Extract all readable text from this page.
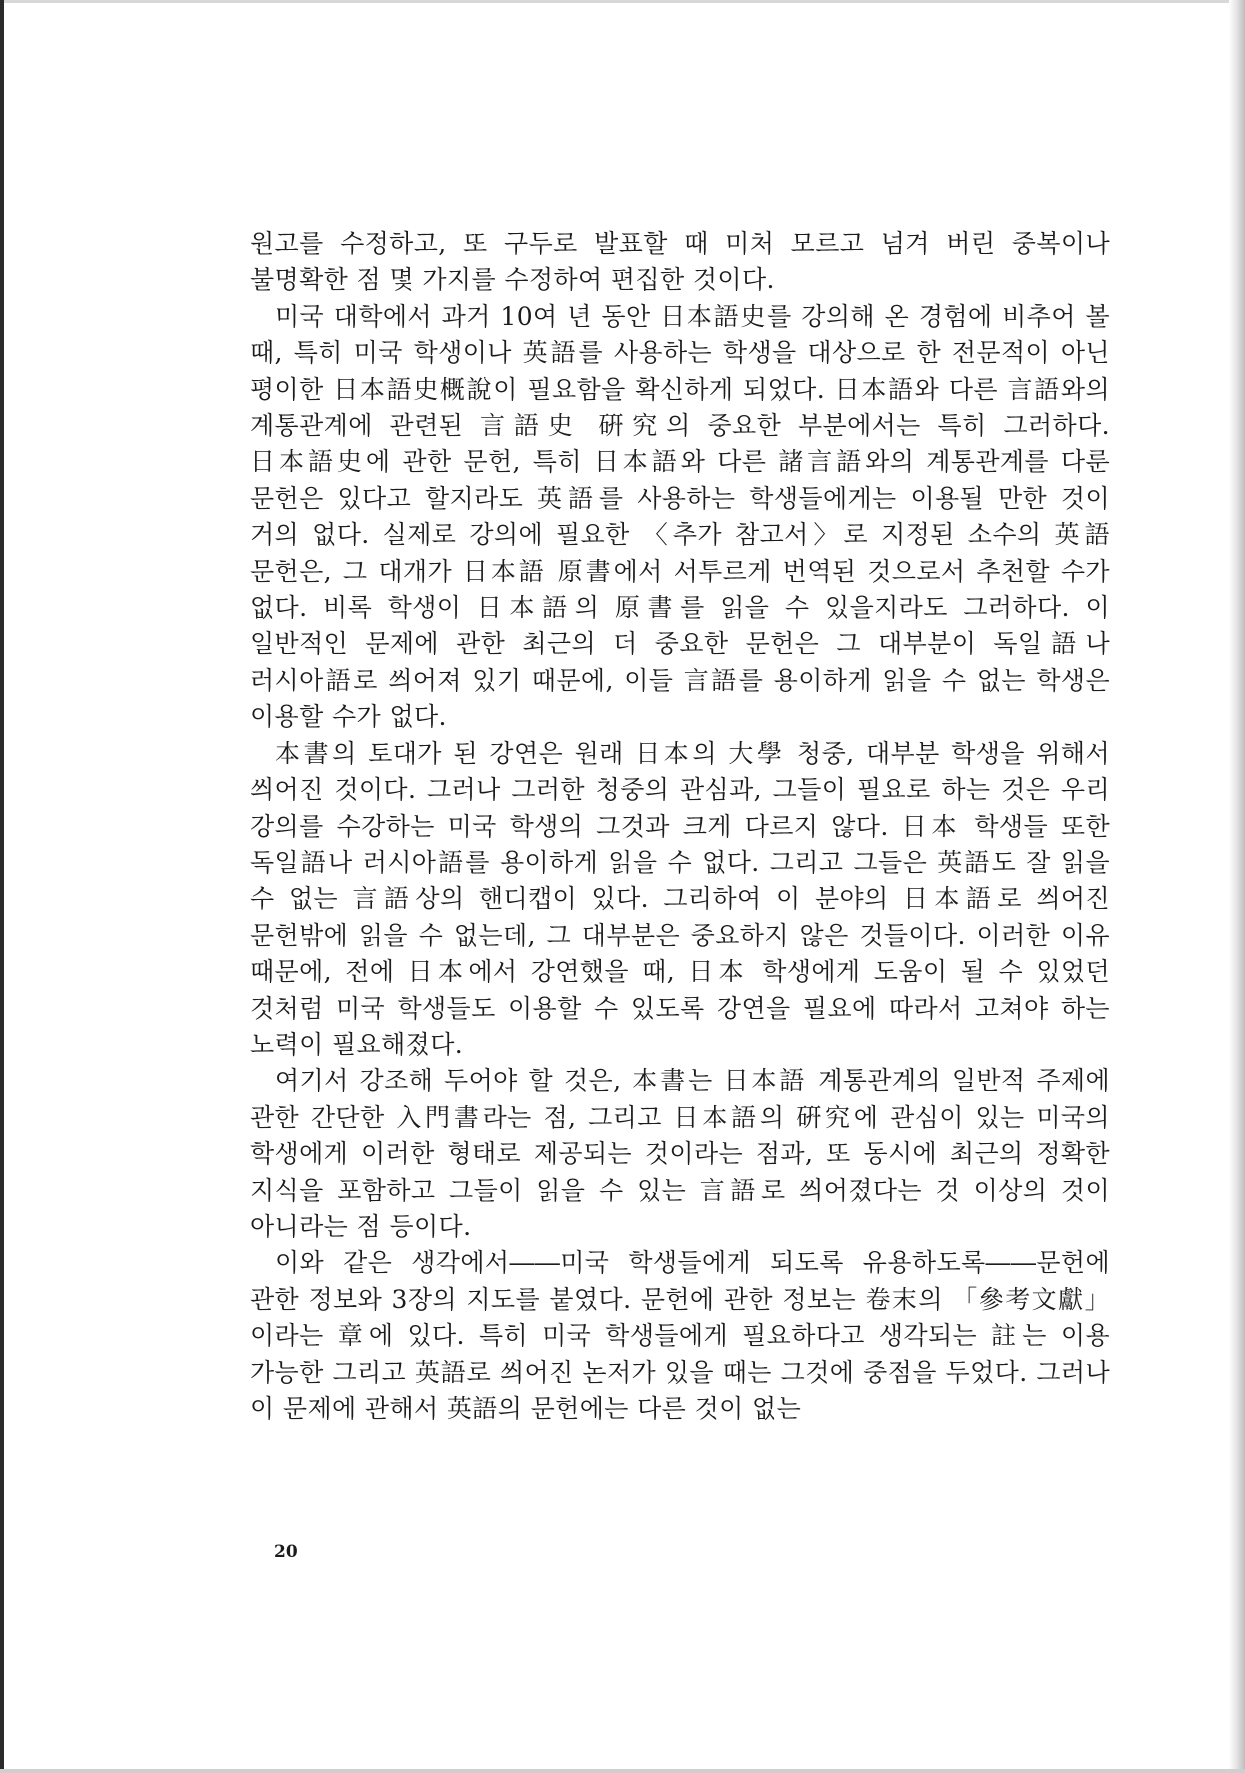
원고를 수정하고, 또 구두로 발표할 때 미처 모르고 넘겨 버린 중복이나 불명확한 점 몇 가지를 수정하여 편집한 것이다.

미국 대학에서 과거 10여 년 동안 日本語史를 강의해 온 경험에 비추어 볼 때, 특히 미국 학생이나 英語를 사용하는 학생을 대상으로 한 전문적이 아닌 평이한 日本語史概說이 필요함을 확신하게 되었다. 日本語와 다른 言語와의 계통관계에 관련된 言語史 硏究의 중요한 부분에서는 특히 그러하다. 日本語史에 관한 문헌, 특히 日本語와 다른 諸言語와의 계통관계를 다룬 문헌은 있다고 할지라도 英語를 사용하는 학생들에게는 이용될 만한 것이 거의 없다. 실제로 강의에 필요한 〈추가 참고서〉로 지정된 소수의 英語 문헌은, 그 대개가 日本語 原書에서 서투르게 번역된 것으로서 추천할 수가 없다. 비록 학생이 日本語의 原書를 읽을 수 있을지라도 그러하다. 이 일반적인 문제에 관한 최근의 더 중요한 문헌은 그 대부분이 독일語나 러시아語로 씌어져 있기 때문에, 이들 言語를 용이하게 읽을 수 없는 학생은 이용할 수가 없다.

本書의 토대가 된 강연은 원래 日本의 大學 청중, 대부분 학생을 위해서 씌어진 것이다. 그러나 그러한 청중의 관심과, 그들이 필요로 하는 것은 우리 강의를 수강하는 미국 학생의 그것과 크게 다르지 않다. 日本 학생들 또한 독일語나 러시아語를 용이하게 읽을 수 없다. 그리고 그들은 英語도 잘 읽을 수 없는 言語상의 핸디캡이 있다. 그리하여 이 분야의 日本語로 씌어진 문헌밖에 읽을 수 없는데, 그 대부분은 중요하지 않은 것들이다. 이러한 이유 때문에, 전에 日本에서 강연했을 때, 日本 학생에게 도움이 될 수 있었던 것처럼 미국 학생들도 이용할 수 있도록 강연을 필요에 따라서 고쳐야 하는 노력이 필요해졌다.

여기서 강조해 두어야 할 것은, 本書는 日本語 계통관계의 일반적 주제에 관한 간단한 入門書라는 점, 그리고 日本語의 硏究에 관심이 있는 미국의 학생에게 이러한 형태로 제공되는 것이라는 점과, 또 동시에 최근의 정확한 지식을 포함하고 그들이 읽을 수 있는 言語로 씌어졌다는 것 이상의 것이 아니라는 점 등이다.

이와 같은 생각에서――미국 학생들에게 되도록 유용하도록――문헌에 관한 정보와 3장의 지도를 붙였다. 문헌에 관한 정보는 卷末의 「參考文獻」이라는 章에 있다. 특히 미국 학생들에게 필요하다고 생각되는 註는 이용 가능한 그리고 英語로 씌어진 논저가 있을 때는 그것에 중점을 두었다. 그러나 이 문제에 관해서 英語의 문헌에는 다른 것이 없는

20
